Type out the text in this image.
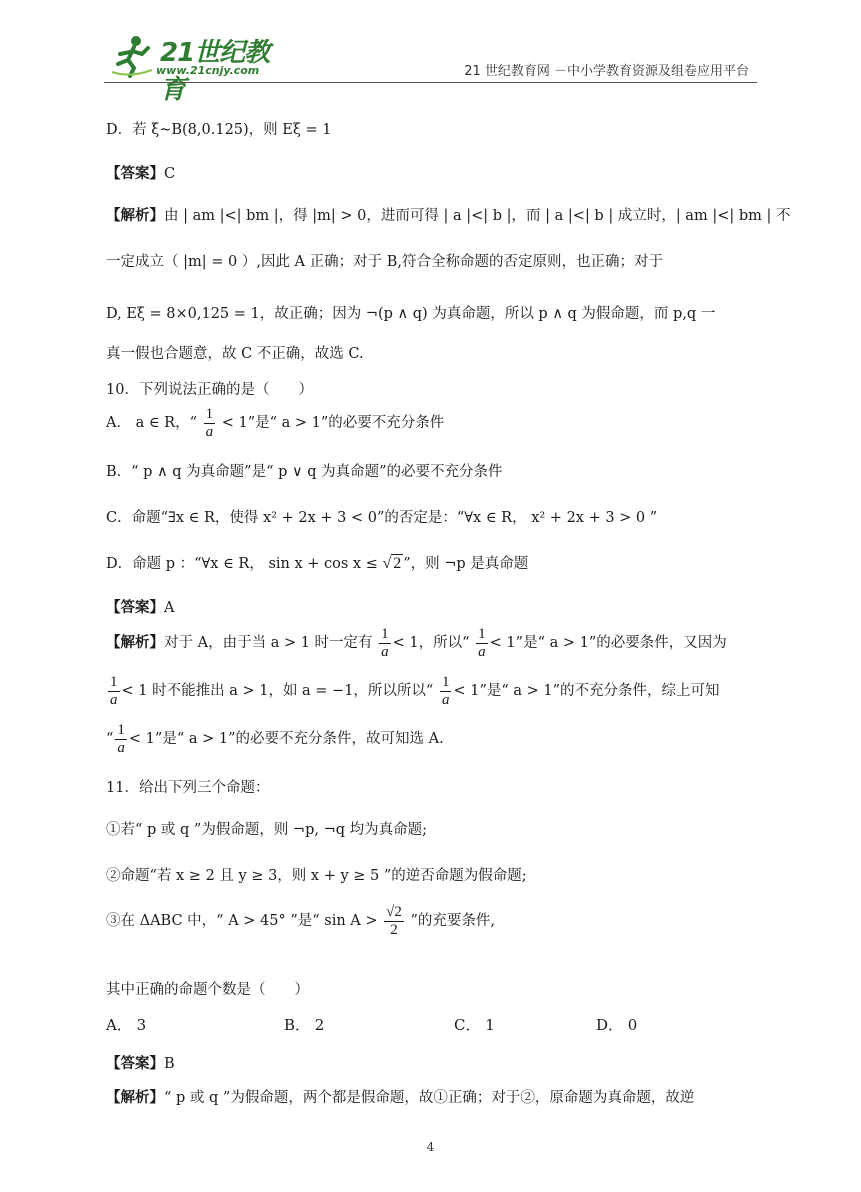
21世纪教育
www.21cnjy.com	21 世纪教育网 －中小学教育资源及组卷应用平台
D．若 ξ~B(8,0.125)，则 Eξ = 1
【答案】C
【解析】由 | am |<| bm |，得 |m| > 0，进而可得 | a |<| b |，而 | a |<| b | 成立时，| am |<| bm | 不
一定成立（ |m| = 0 ）,因此 A 正确；对于 B,符合全称命题的否定原则，也正确；对于
D, Eξ = 8×0,125 = 1，故正确；因为 ¬(p ∧ q) 为真命题，所以 p ∧ q 为假命题，而 p,q 一
真一假也合题意，故 C 不正确，故选 C.
10．下列说法正确的是（　　）
A． a ∈ R，“ $\frac{1}{a} < 1$”是“ a > 1”的必要不充分条件
B．“ p ∧ q 为真命题”是“ p ∨ q 为真命题”的必要不充分条件
C．命题“∃x ∈ R，使得 x² + 2x + 3 < 0”的否定是：“∀x ∈ R， x² + 2x + 3 > 0 ”
D．命题 p ：“∀x ∈ R， sin x + cos x ≤ √ 2 ”，则 ¬p 是真命题
【答案】A
【解析】对于 A，由于当 a > 1 时一定有 $\frac{1}{a} < 1$，所以“ $\frac{1}{a} < 1$”是“ a > 1”的必要条件，又因为
$\frac{1}{a} < 1$ 时不能推出 a > 1，如 a = −1，所以所以“ $\frac{1}{a} < 1$”是“ a > 1”的不充分条件，综上可知
“ $\frac{1}{a} < 1$”是“ a > 1”的必要不充分条件，故可知选 A.
11．给出下列三个命题：
①若“ p 或 q ”为假命题，则 ¬p, ¬q 均为真命题;
②命题“若 x ≥ 2 且 y ≥ 3，则 x + y ≥ 5 ”的逆否命题为假命题;
③在 ΔABC 中，“ A > 45° ”是“ $\sin A > \frac{√2}{2}$ ”的充要条件,
其中正确的命题个数是（　　）
A． 3	B． 2	C． 1	D． 0
【答案】B
【解析】“ p 或 q ”为假命题，两个都是假命题，故①正确；对于②，原命题为真命题，故逆
4
